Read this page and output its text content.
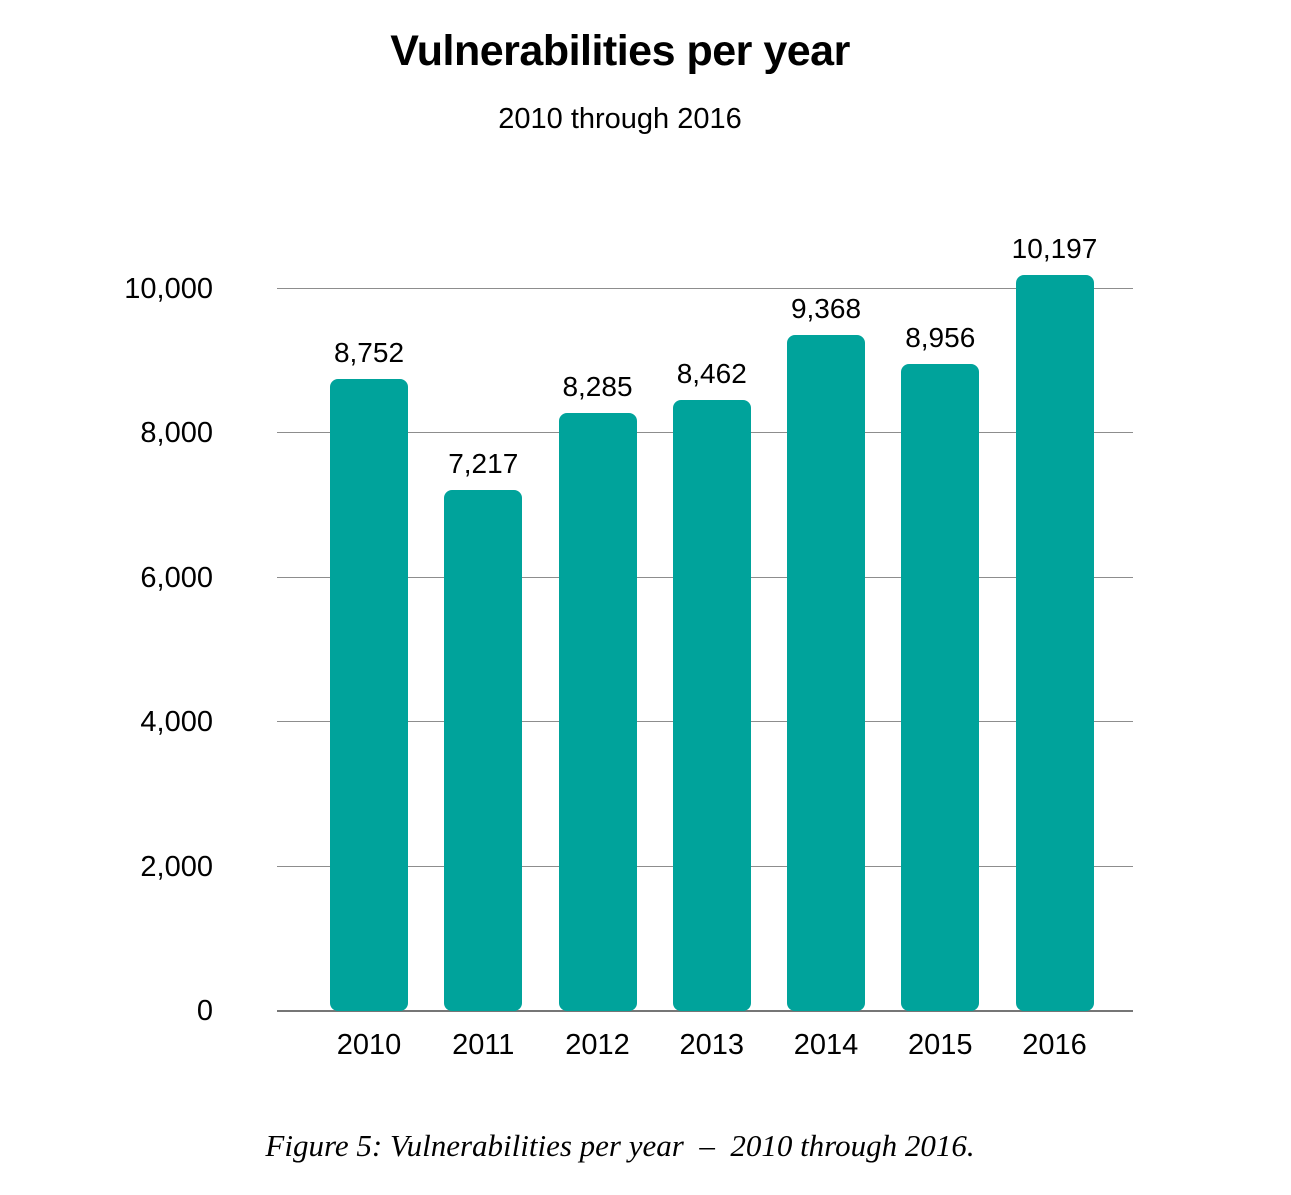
Vulnerabilities per year
2010 through 2016
8,752
2010
7,217
2011
8,285
2012
8,462
2013
9,368
2014
8,956
2015
10,197
2016
0
2,000
4,000
6,000
8,000
10,000
Figure 5: Vulnerabilities per year  –  2010 through 2016.
